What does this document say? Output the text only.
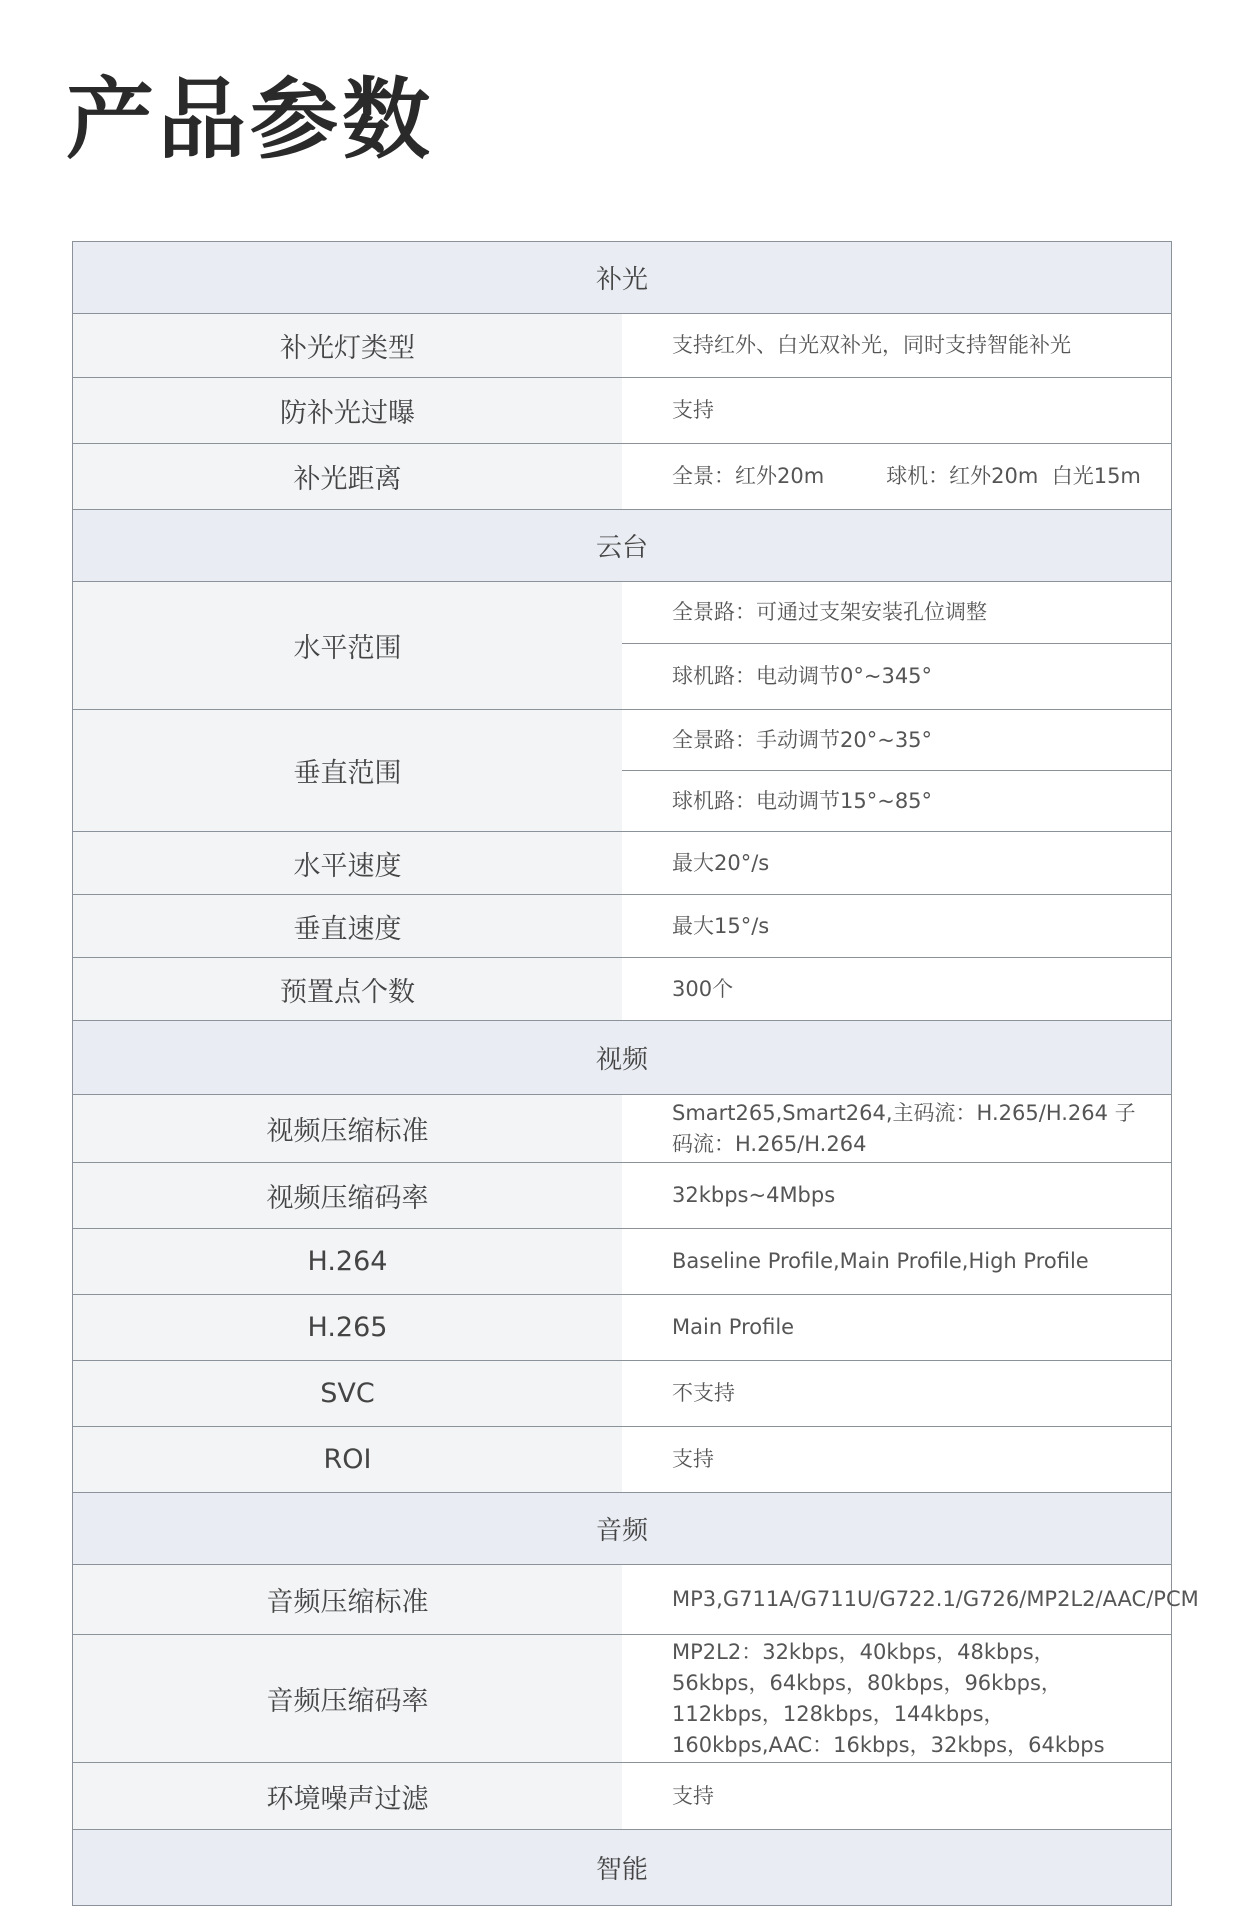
产品参数
补光	
补光灯类型	支持红外、白光双补光，同时支持智能补光
防补光过曝	支持
补光距离	全景：红外20m 球机：红外20m  白光15m
云台	
水平范围	全景路：可通过支架安装孔位调整
	球机路：电动调节0°~345°
垂直范围	全景路：手动调节20°~35°
	球机路：电动调节15°~85°
水平速度	最大20°/s
垂直速度	最大15°/s
预置点个数	300个
视频	
视频压缩标准	Smart265,Smart264,主码流：H.265/H.264 子码流：H.265/H.264
视频压缩码率	32kbps~4Mbps
H.264	Baseline Profile,Main Profile,High Profile
H.265	Main Profile
SVC	不支持
ROI	支持
音频	
音频压缩标准	MP3,G711A/G711U/G722.1/G726/MP2L2/AAC/PCM
音频压缩码率	MP2L2：32kbps，40kbps，48kbps，56kbps，64kbps，80kbps，96kbps，112kbps，128kbps，144kbps，160kbps,AAC：16kbps，32kbps，64kbps
环境噪声过滤	支持
智能	
